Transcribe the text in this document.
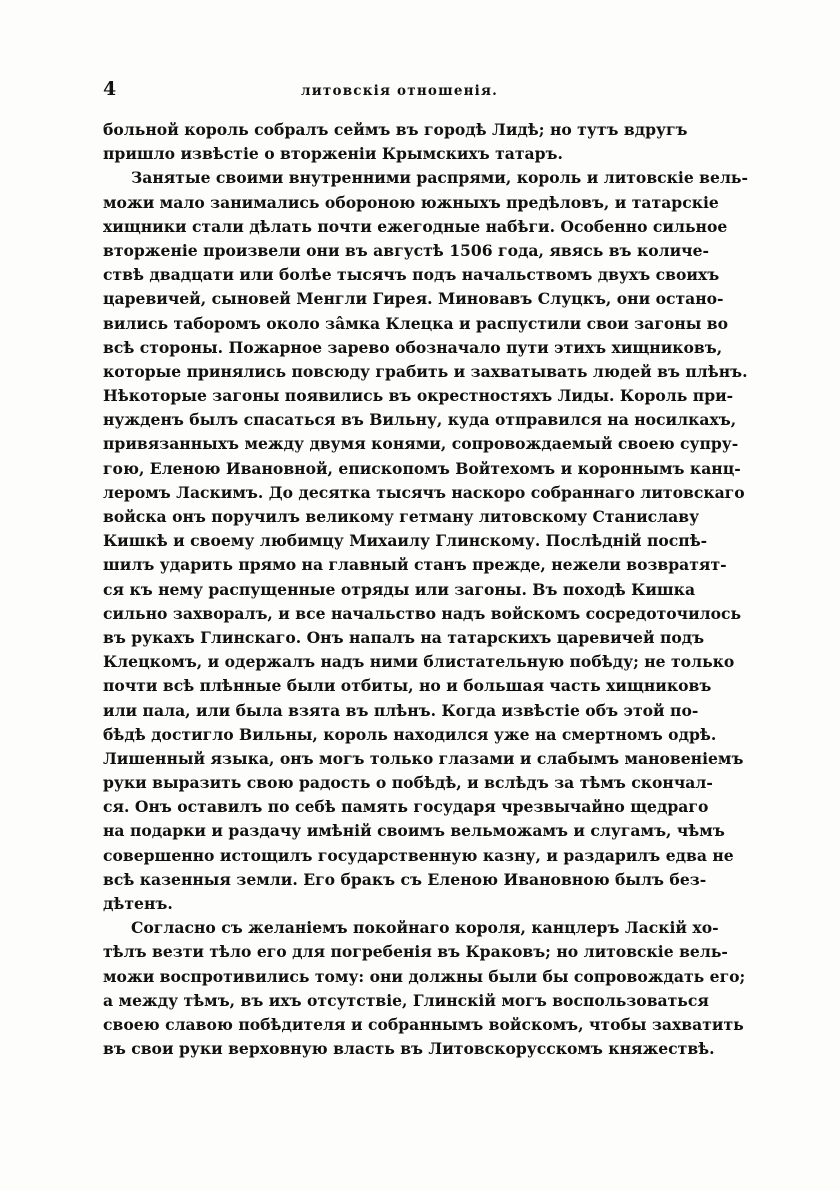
4	литовскія отношенія.
больной король собралъ сеймъ въ городѣ Лидѣ; но тутъ вдругъ
пришло извѣстіе о вторженіи Крымскихъ татаръ.
Занятые своими внутренними распрями, король и литовскіе вель-
можи мало занимались обороною южныхъ предѣловъ, и татарскіе
хищники стали дѣлать почти ежегодные набѣги. Особенно сильное
вторженіе произвели они въ августѣ 1506 года, явясь въ количе-
ствѣ двадцати или болѣе тысячъ подъ начальствомъ двухъ своихъ
царевичей, сыновей Менгли Гирея. Миновавъ Слуцкъ, они остано-
вились таборомъ около зâмка Клецка и распустили свои загоны во
всѣ стороны. Пожарное зарево обозначало пути этихъ хищниковъ,
которые принялись повсюду грабить и захватывать людей въ плѣнъ.
Нѣкоторые загоны появились въ окрестностяхъ Лиды. Король при-
нужденъ былъ спасаться въ Вильну, куда отправился на носилкахъ,
привязанныхъ между двумя конями, сопровождаемый своею супру-
гою, Еленою Ивановной, епископомъ Войтехомъ и короннымъ канц-
леромъ Ласкимъ. До десятка тысячъ наскоро собраннаго литовскаго
войска онъ поручилъ великому гетману литовскому Станиславу
Кишкѣ и своему любимцу Михаилу Глинскому. Послѣдній поспѣ-
шилъ ударить прямо на главный станъ прежде, нежели возвратят-
ся къ нему распущенные отряды или загоны. Въ походѣ Кишка
сильно захворалъ, и все начальство надъ войскомъ сосредоточилось
въ рукахъ Глинскаго. Онъ напалъ на татарскихъ царевичей подъ
Клецкомъ, и одержалъ надъ ними блистательную побѣду; не только
почти всѣ плѣнные были отбиты, но и большая часть хищниковъ
или пала, или была взята въ плѣнъ. Когда извѣстіе объ этой по-
бѣдѣ достигло Вильны, король находился уже на смертномъ одрѣ.
Лишенный языка, онъ могъ только глазами и слабымъ мановеніемъ
руки выразить свою радость о побѣдѣ, и вслѣдъ за тѣмъ скончал-
ся. Онъ оставилъ по себѣ память государя чрезвычайно щедраго
на подарки и раздачу имѣній своимъ вельможамъ и слугамъ, чѣмъ
совершенно истощилъ государственную казну, и раздарилъ едва не
всѣ казенныя земли. Его бракъ съ Еленою Ивановною былъ без-
дѣтенъ.
Согласно съ желаніемъ покойнаго короля, канцлеръ Ласкій хо-
тѣлъ везти тѣло его для погребенія въ Краковъ; но литовскіе вель-
можи воспротивились тому: они должны были бы сопровождать его;
а между тѣмъ, въ ихъ отсутствіе, Глинскій могъ воспользоваться
своею славою побѣдителя и собраннымъ войскомъ, чтобы захватить
въ свои руки верховную власть въ Литовскорусскомъ княжествѣ.
